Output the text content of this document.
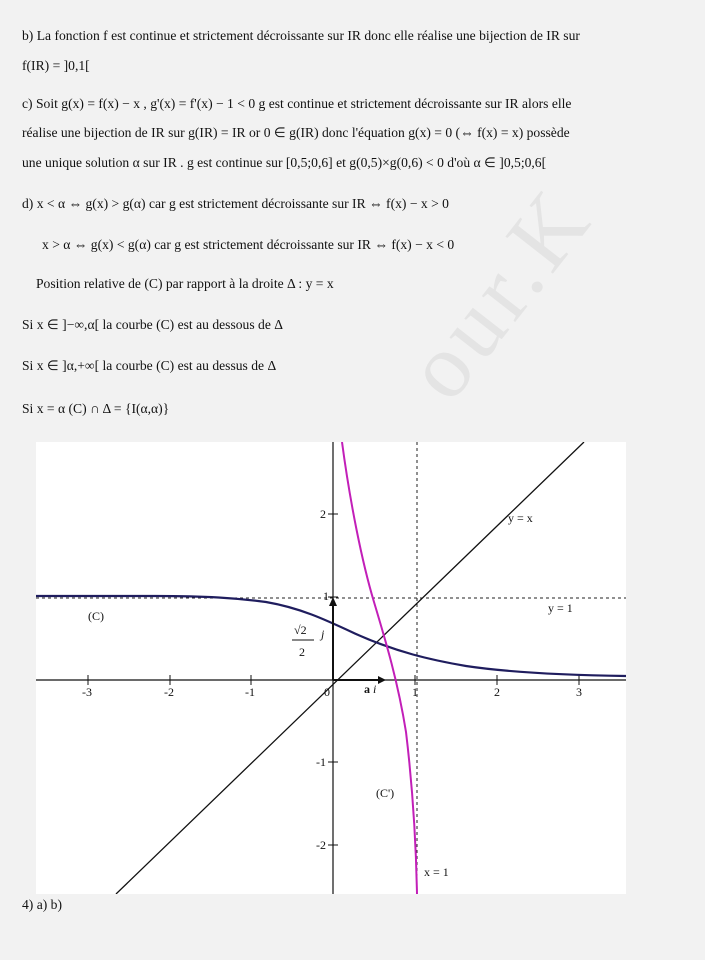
our.K
b) La fonction f est continue et strictement décroissante sur IR donc elle réalise une bijection de IR sur
f(IR) = ]0,1[
c) Soit g(x) = f(x) − x , g'(x) = f'(x) − 1 < 0 g est continue et strictement décroissante sur IR alors elle
réalise une bijection de IR sur g(IR) = IR or 0 ∈ g(IR) donc l'équation g(x) = 0 (⇔ f(x) = x) possède
une unique solution α sur IR . g est continue sur [0,5;0,6] et g(0,5)×g(0,6) < 0 d'où α ∈ ]0,5;0,6[
d) x < α ⇔ g(x) > g(α) car g est strictement décroissante sur IR ⇔ f(x) − x > 0
x > α ⇔ g(x) < g(α) car g est strictement décroissante sur IR ⇔ f(x) − x < 0
Position relative de (C) par rapport à la droite Δ : y = x
Si x ∈ ]−∞,α[ la courbe (C) est au dessous de Δ
Si x ∈ ]α,+∞[ la courbe (C) est au dessus de Δ
Si x = α (C) ∩ Δ = {I(α,α)}
-3	-2	-1	0	1	2	3
2
1
-1
-2
y = x
y = 1
x = 1
(C)
(C')
√2
2
j
a i
4) a) b)
